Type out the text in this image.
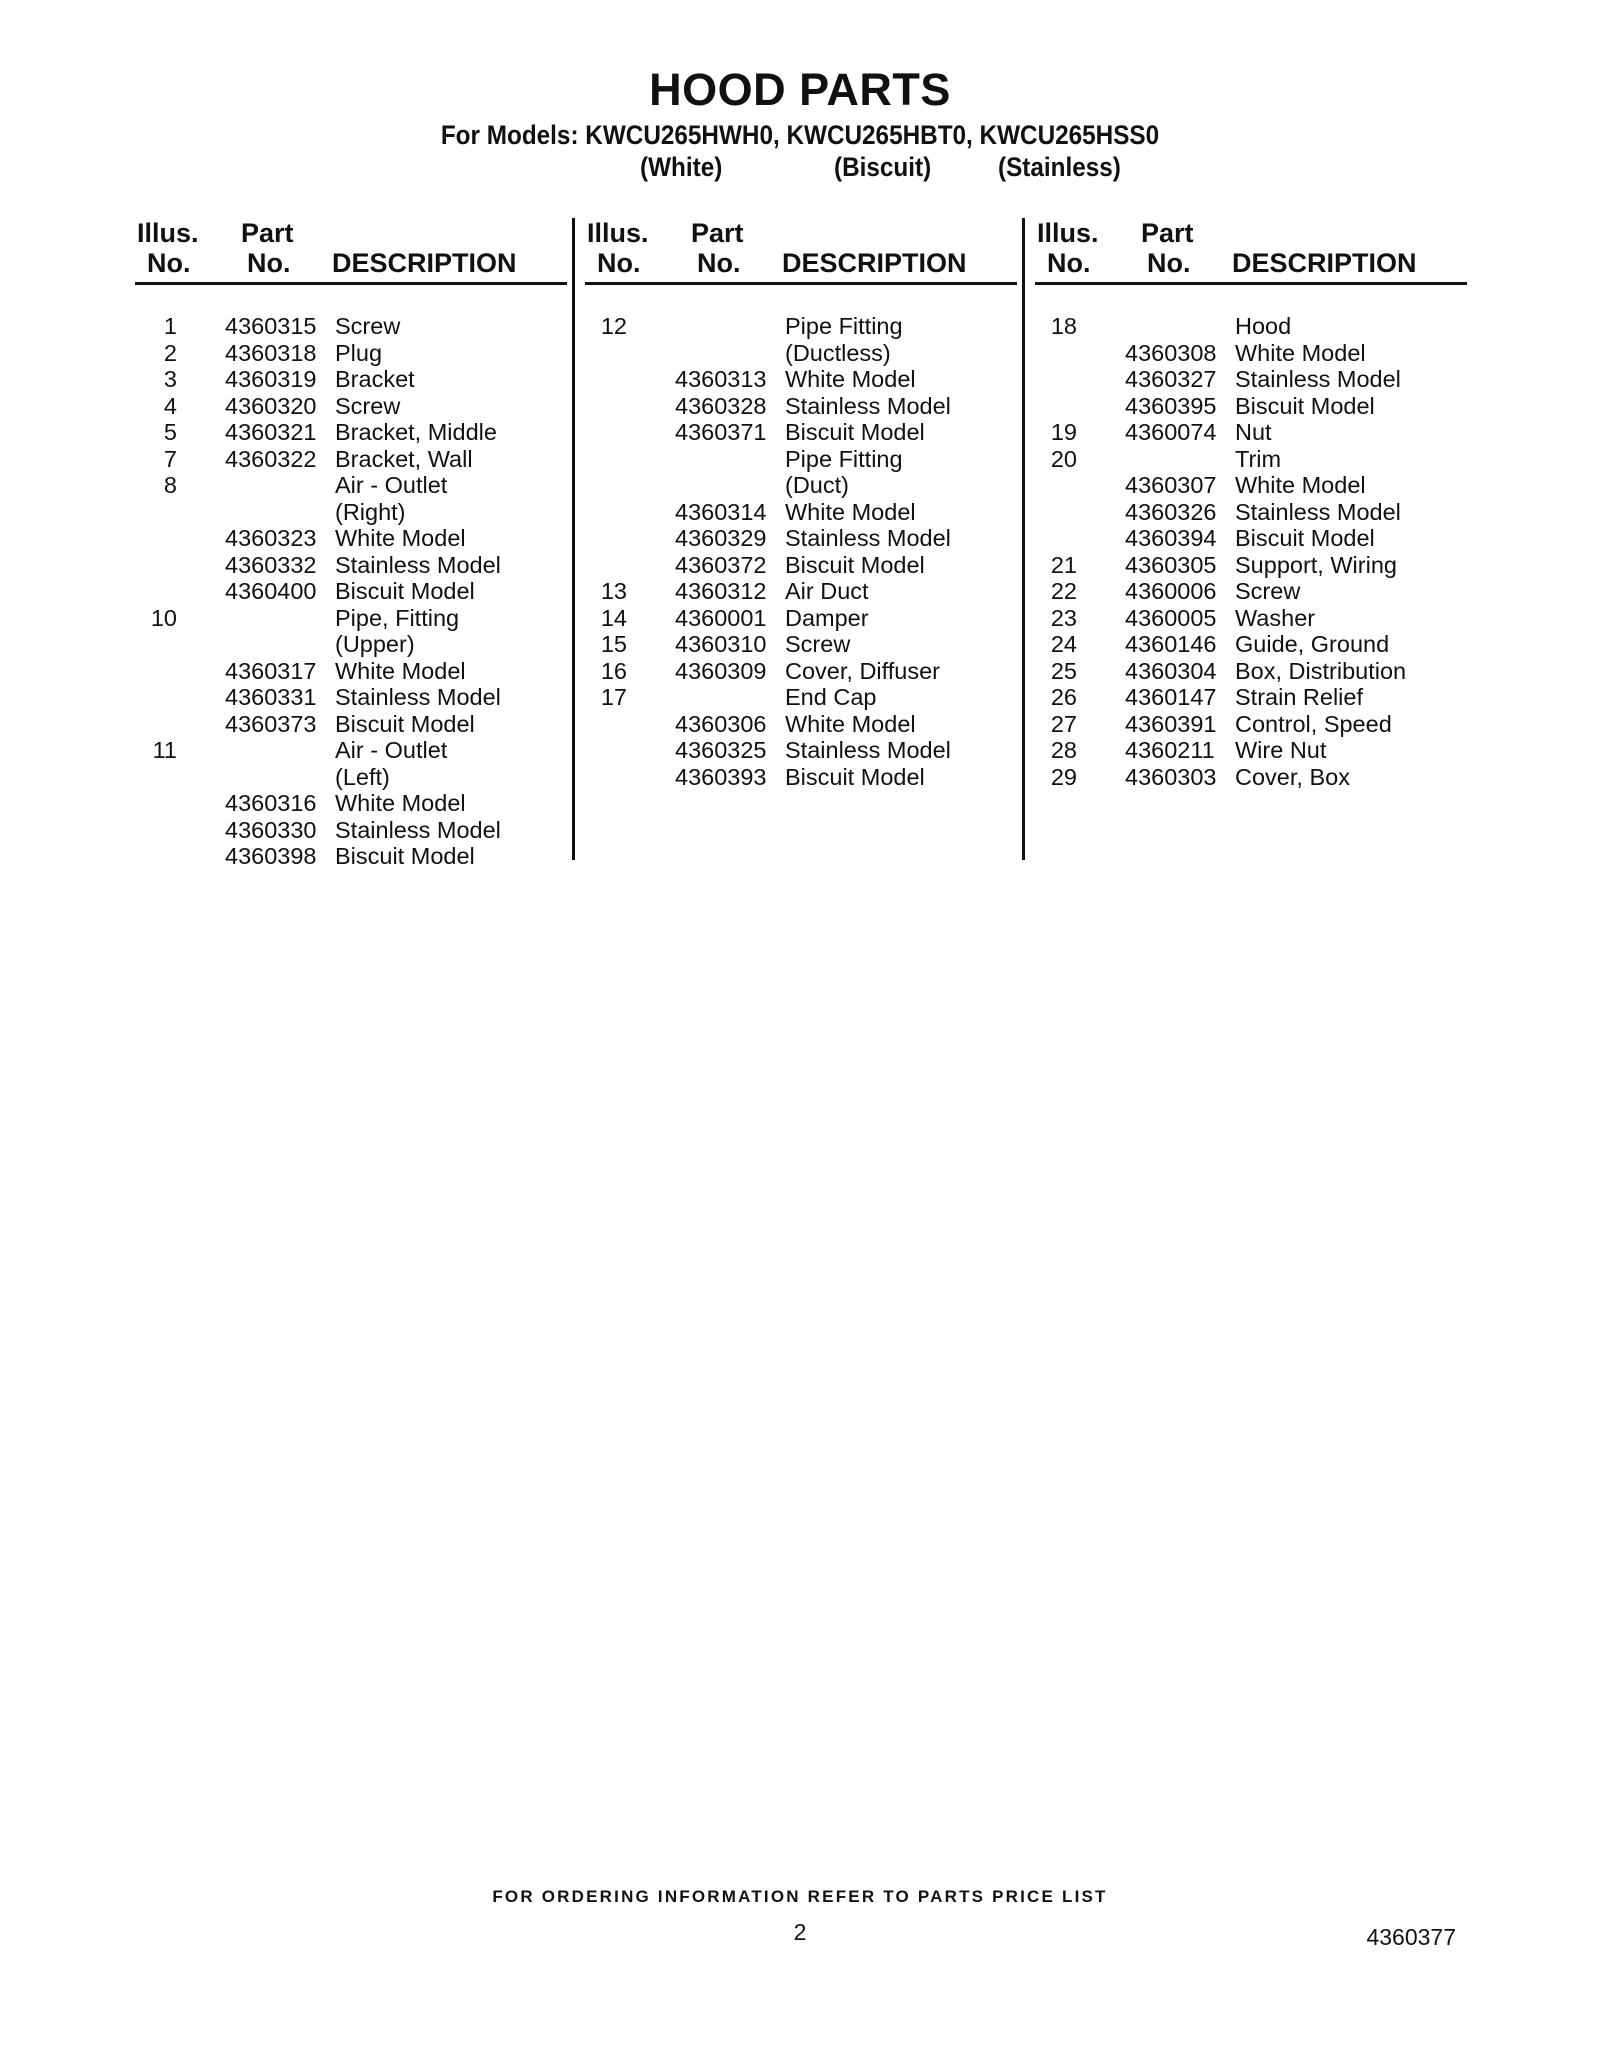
HOOD PARTS
For Models: KWCU265HWH0, KWCU265HBT0, KWCU265HSS0
(White)	(Biscuit) (Stainless)
Illus.
No.
Part
No. DESCRIPTION
1 4360315 Screw
2 4360318 Plug
3 4360319 Bracket
4 4360320 Screw
5 4360321 Bracket, Middle
7 4360322 Bracket, Wall
8	Air - Outlet
(Right)
4360323 White Model
4360332 Stainless Model
4360400 Biscuit Model
10	Pipe, Fitting
(Upper)
4360317 White Model
4360331 Stainless Model
4360373 Biscuit Model
11	Air - Outlet
(Left)
4360316 White Model
4360330 Stainless Model
4360398 Biscuit Model
Illus.
No.
Part
No. DESCRIPTION
12	Pipe Fitting
(Ductless)
4360313 White Model
4360328 Stainless Model
4360371 Biscuit Model
Pipe Fitting
(Duct)
4360314 White Model
4360329 Stainless Model
4360372 Biscuit Model
13 4360312 Air Duct
14 4360001 Damper
15 4360310 Screw
16 4360309 Cover, Diffuser
17	End Cap
4360306 White Model
4360325 Stainless Model
4360393 Biscuit Model
Illus.
No.
Part
No. DESCRIPTION
18	Hood
4360308 White Model
4360327 Stainless Model
4360395 Biscuit Model
19 4360074 Nut
20	Trim
4360307 White Model
4360326 Stainless Model
4360394 Biscuit Model
21 4360305 Support, Wiring
22 4360006 Screw
23 4360005 Washer
24 4360146 Guide, Ground
25 4360304 Box, Distribution
26 4360147 Strain Relief
27 4360391 Control, Speed
28 4360211 Wire Nut
29 4360303 Cover, Box
FOR ORDERING INFORMATION REFER TO PARTS PRICE LIST
2	4360377
